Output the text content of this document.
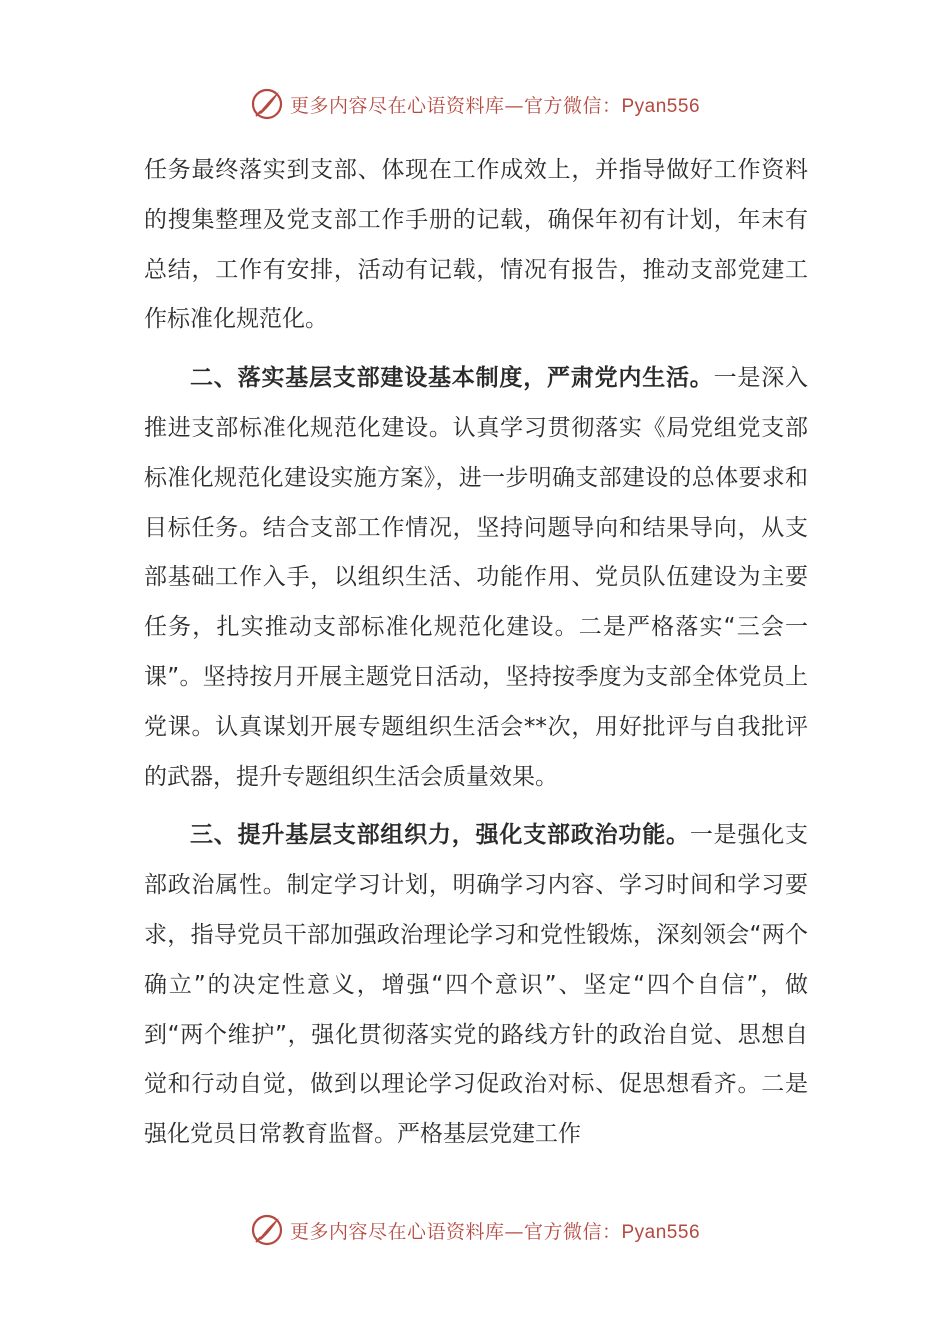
更多内容尽在心语资料库—官方微信：Pyan556

任务最终落实到支部、体现在工作成效上，并指导做好工作资料的搜集整理及党支部工作手册的记载，确保年初有计划，年末有总结，工作有安排，活动有记载，情况有报告，推动支部党建工作标准化规范化。

二、落实基层支部建设基本制度，严肃党内生活。一是深入推进支部标准化规范化建设。认真学习贯彻落实《局党组党支部标准化规范化建设实施方案》，进一步明确支部建设的总体要求和目标任务。结合支部工作情况，坚持问题导向和结果导向，从支部基础工作入手，以组织生活、功能作用、党员队伍建设为主要任务，扎实推动支部标准化规范化建设。二是严格落实“三会一课”。坚持按月开展主题党日活动，坚持按季度为支部全体党员上党课。认真谋划开展专题组织生活会**次，用好批评与自我批评的武器，提升专题组织生活会质量效果。

三、提升基层支部组织力，强化支部政治功能。一是强化支部政治属性。制定学习计划，明确学习内容、学习时间和学习要求，指导党员干部加强政治理论学习和党性锻炼，深刻领会“两个确立”的决定性意义，增强“四个意识”、坚定“四个自信”，做到“两个维护”，强化贯彻落实党的路线方针的政治自觉、思想自觉和行动自觉，做到以理论学习促政治对标、促思想看齐。二是强化党员日常教育监督。严格基层党建工作

更多内容尽在心语资料库—官方微信：Pyan556
